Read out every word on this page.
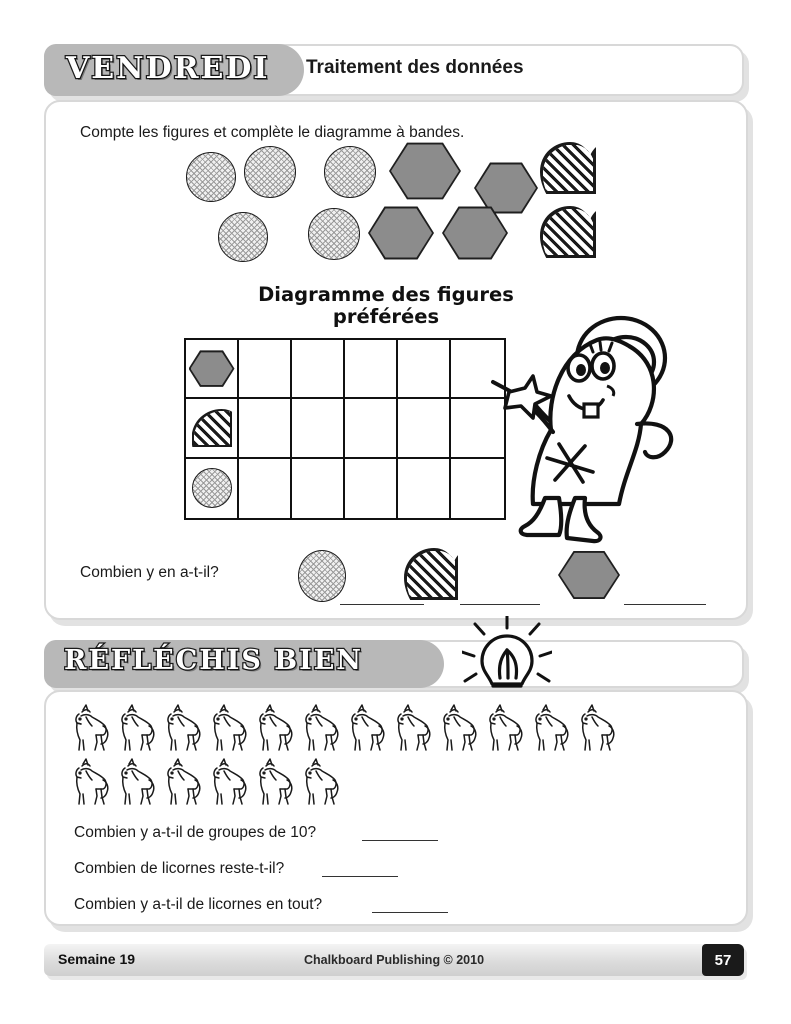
VENDREDI Traitement des données
Compte les figures et complète le diagramme à bandes.
Diagramme des figures
préférées
Combien y en a-t-il?
RÉFLÉCHIS BIEN
Combien y a-t-il de groupes de 10?
Combien de licornes reste-t-il?
Combien y a-t-il de licornes en tout?
Semaine 19	Chalkboard Publishing © 2010	57
